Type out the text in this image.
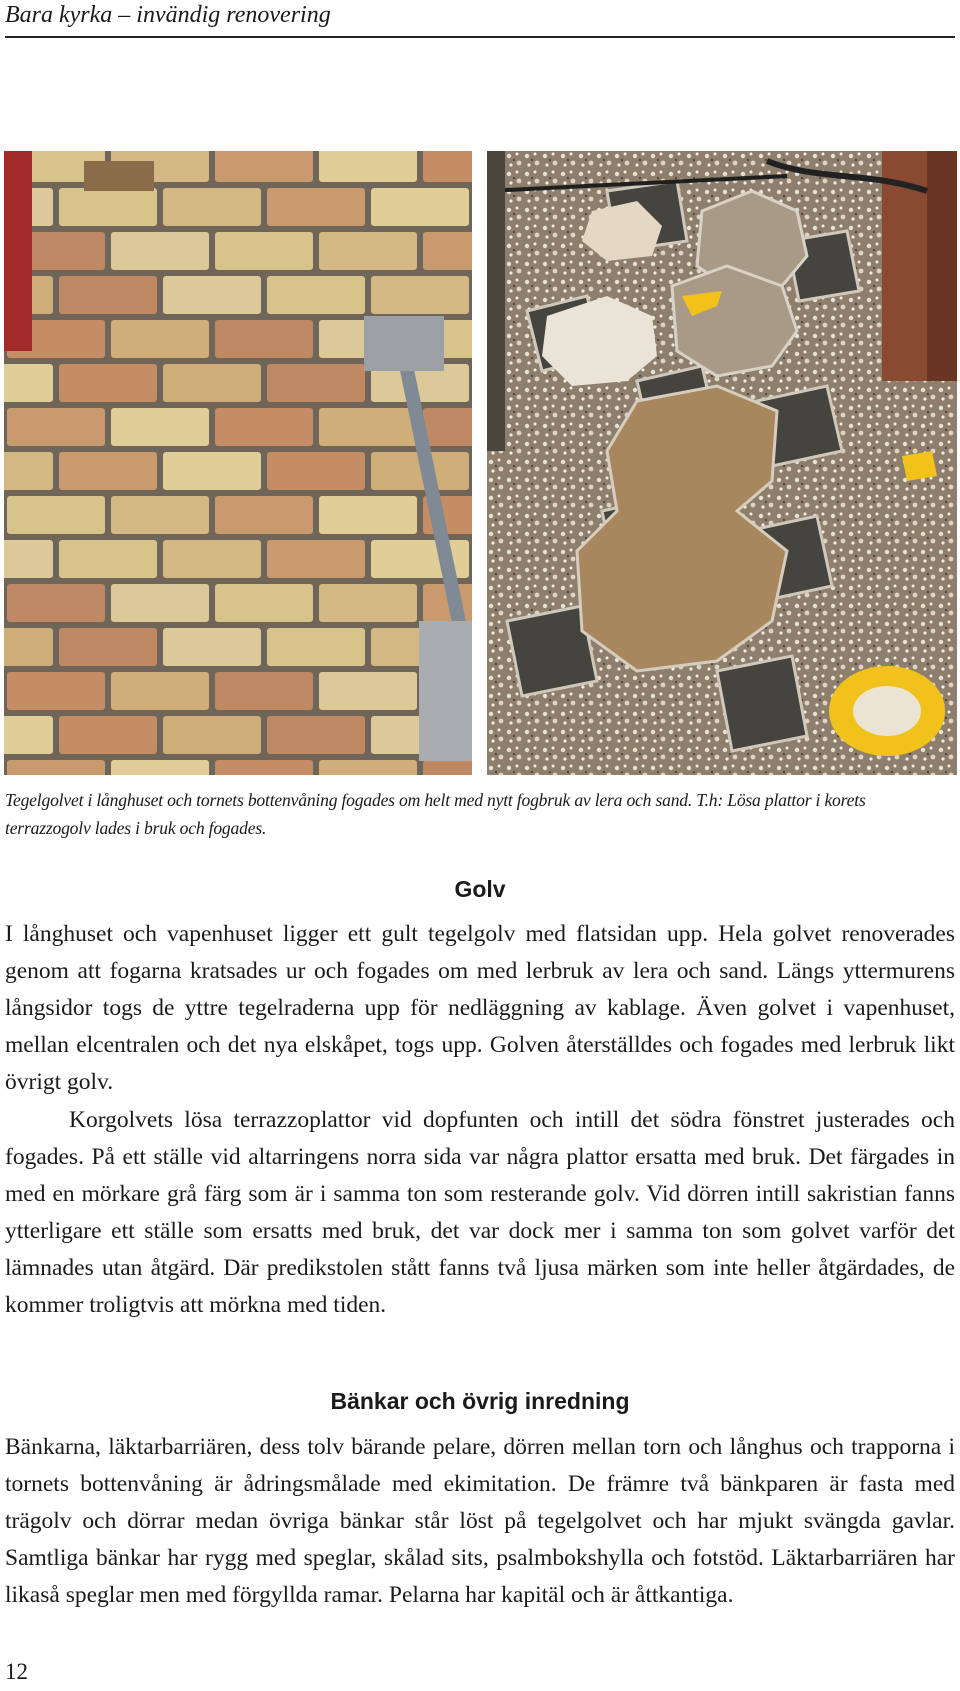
Bara kyrka – invändig renovering
Tegelgolvet i långhuset och tornets bottenvåning fogades om helt med nytt fogbruk av lera och sand. T.h: Lösa plattor i korets terrazzogolv lades i bruk och fogades.
Golv
I långhuset och vapenhuset ligger ett gult tegelgolv med flatsidan upp. Hela golvet renoverades genom att fogarna kratsades ur och fogades om med lerbruk av lera och sand. Längs yttermurens långsidor togs de yttre tegelraderna upp för nedläggning av kablage. Även golvet i vapenhuset, mellan elcentralen och det nya elskåpet, togs upp. Golven återställdes och fogades med lerbruk likt övrigt golv.
Korgolvets lösa terrazzoplattor vid dopfunten och intill det södra fönstret justerades och fogades. På ett ställe vid altarringens norra sida var några plattor ersatta med bruk. Det färgades in med en mörkare grå färg som är i samma ton som resterande golv. Vid dörren intill sakristian fanns ytterligare ett ställe som ersatts med bruk, det var dock mer i samma ton som golvet varför det lämnades utan åtgärd. Där predikstolen stått fanns två ljusa märken som inte heller åtgärdades, de kommer troligtvis att mörkna med tiden.
Bänkar och övrig inredning
Bänkarna, läktarbarriären, dess tolv bärande pelare, dörren mellan torn och långhus och trapporna i tornets bottenvåning är ådringsmålade med ekimitation. De främre två bänkparen är fasta med trägolv och dörrar medan övriga bänkar står löst på tegelgolvet och har mjukt svängda gavlar. Samtliga bänkar har rygg med speglar, skålad sits, psalmbokshylla och fotstöd. Läktarbarriären har likaså speglar men med förgyllda ramar. Pelarna har kapitäl och är åttkantiga.
12
